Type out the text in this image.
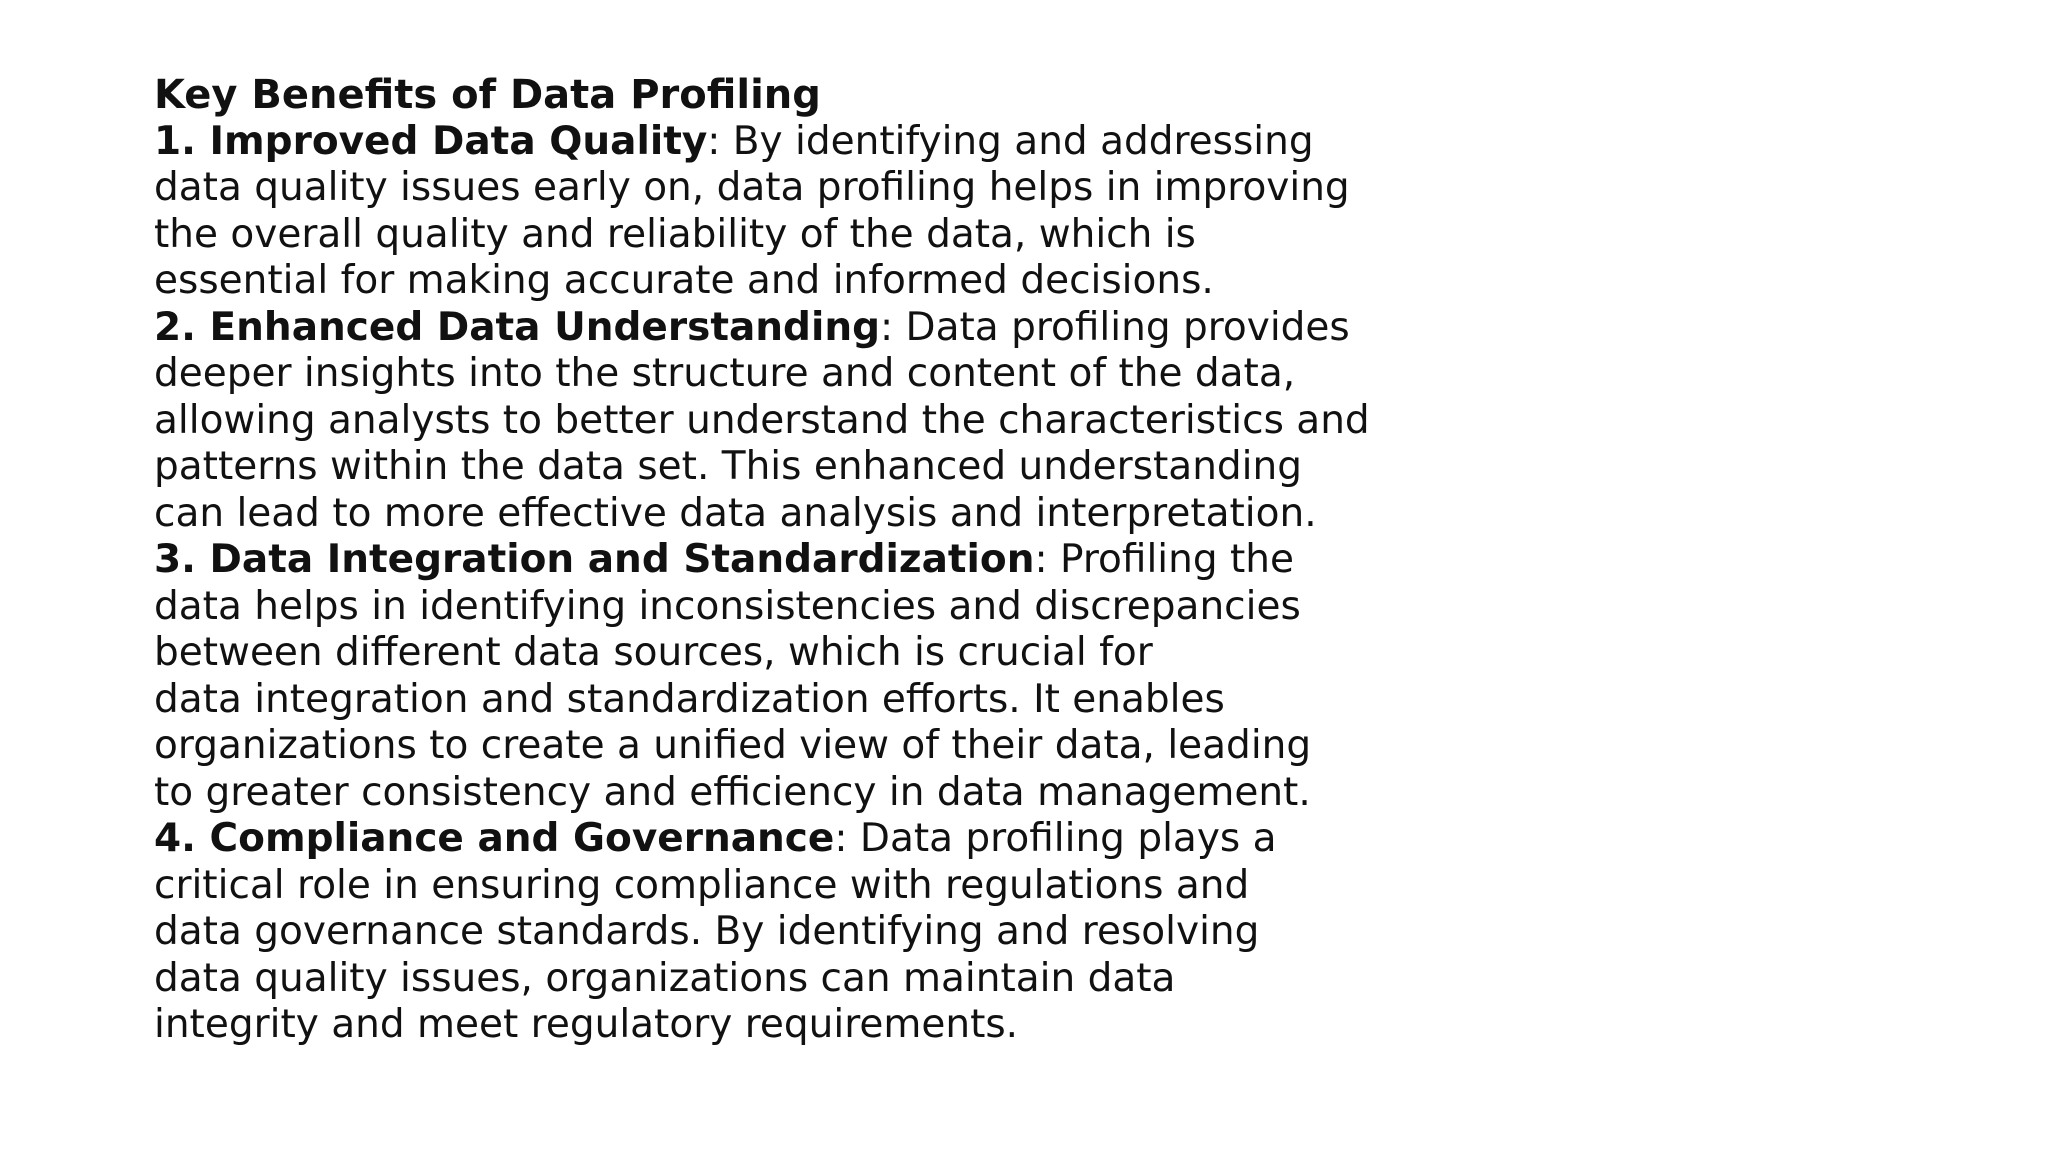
Key Benefits of Data Profiling
1. Improved Data Quality: By identifying and addressing
data quality issues early on, data profiling helps in improving
the overall quality and reliability of the data, which is
essential for making accurate and informed decisions.
2. Enhanced Data Understanding: Data profiling provides
deeper insights into the structure and content of the data,
allowing analysts to better understand the characteristics and
patterns within the data set. This enhanced understanding
can lead to more effective data analysis and interpretation.
3. Data Integration and Standardization: Profiling the
data helps in identifying inconsistencies and discrepancies
between different data sources, which is crucial for
data integration and standardization efforts. It enables
organizations to create a unified view of their data, leading
to greater consistency and efficiency in data management.
4. Compliance and Governance: Data profiling plays a
critical role in ensuring compliance with regulations and
data governance standards. By identifying and resolving
data quality issues, organizations can maintain data
integrity and meet regulatory requirements.
